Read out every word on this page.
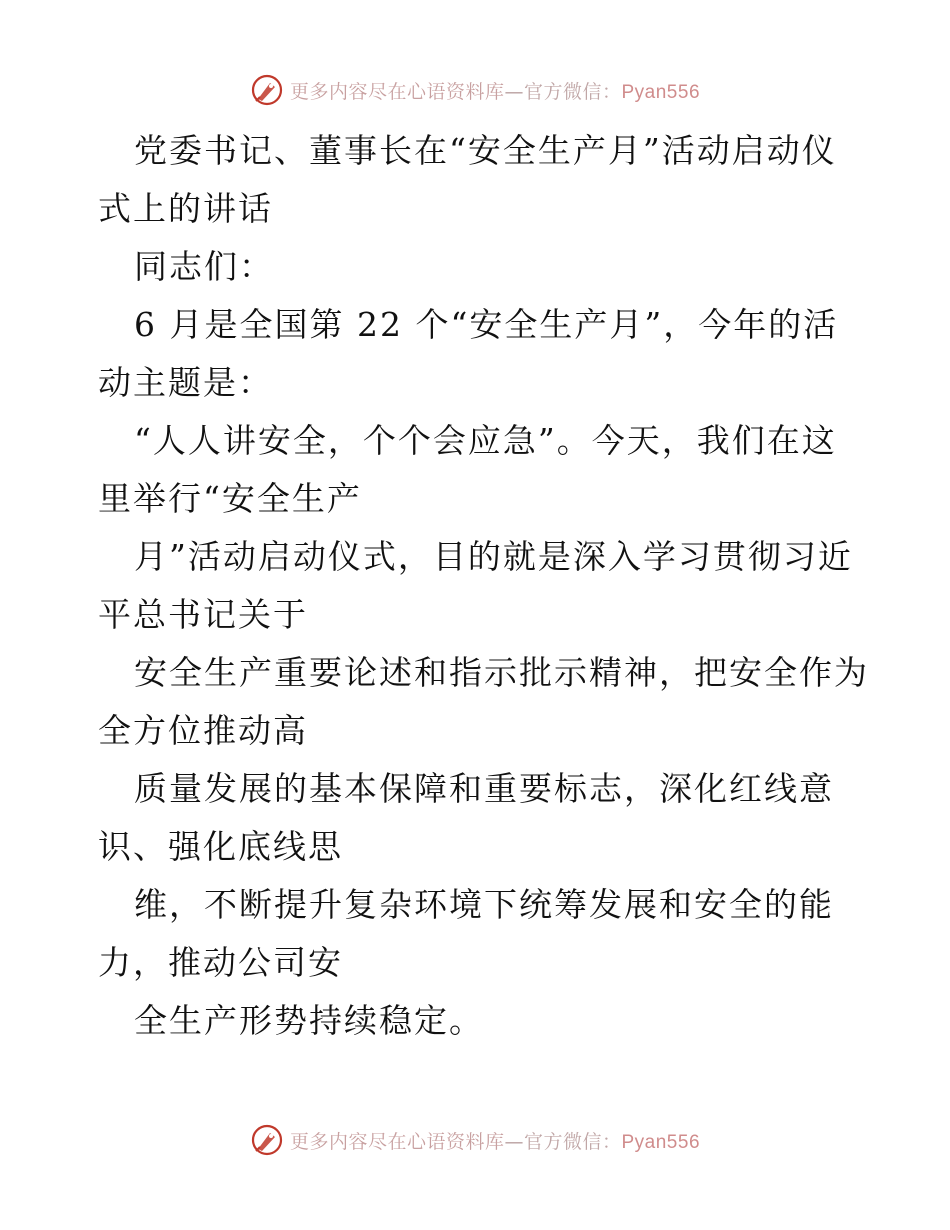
更多内容尽在心语资料库—官方微信：Pyan556
党委书记、董事长在“安全生产月”活动启动仪
式上的讲话
同志们：
6 月是全国第 22 个“安全生产月”，今年的活
动主题是：
“人人讲安全，个个会应急”。今天，我们在这
里举行“安全生产
月”活动启动仪式，目的就是深入学习贯彻习近
平总书记关于
安全生产重要论述和指示批示精神，把安全作为
全方位推动高
质量发展的基本保障和重要标志，深化红线意
识、强化底线思
维，不断提升复杂环境下统筹发展和安全的能
力，推动公司安
全生产形势持续稳定。
更多内容尽在心语资料库—官方微信：Pyan556
